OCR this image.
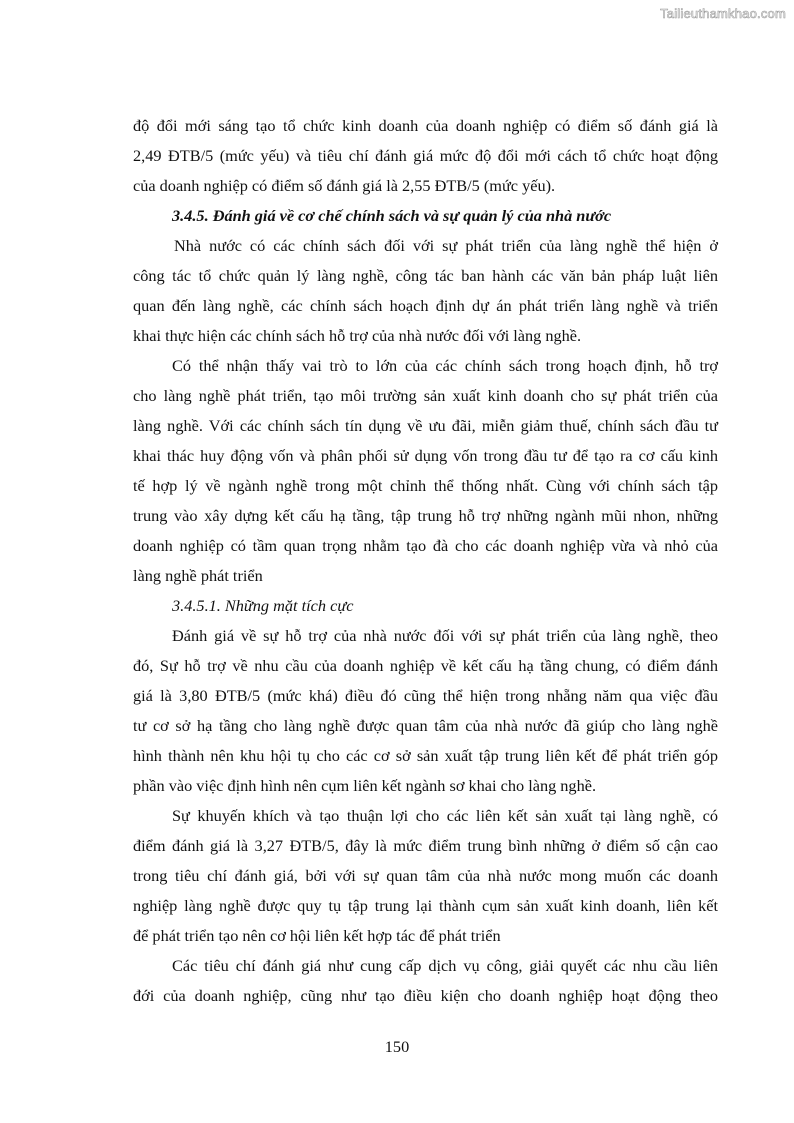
Tailieuthamkhao.com
độ đổi mới sáng tạo tổ chức kinh doanh của doanh nghiệp có điểm số đánh giá là
2,49 ĐTB/5 (mức yếu) và tiêu chí đánh giá mức độ đổi mới cách tổ chức hoạt động
của doanh nghiệp có điểm số đánh giá là 2,55 ĐTB/5 (mức yếu).
3.4.5. Đánh giá về cơ chế chính sách và sự quản lý của nhà nước
Nhà nước có các chính sách đối với sự phát triển của làng nghề thể hiện ở
công tác tổ chức quản lý làng nghề, công tác ban hành các văn bản pháp luật liên
quan đến làng nghề, các chính sách hoạch định dự án phát triển làng nghề và triển
khai thực hiện các chính sách hỗ trợ của nhà nước đối với làng nghề.
Có thể nhận thấy vai trò to lớn của các chính sách trong hoạch định, hỗ trợ
cho làng nghề phát triển, tạo môi trường sản xuất kinh doanh cho sự phát triển của
làng nghề. Với các chính sách tín dụng về ưu đãi, miễn giảm thuế, chính sách đầu tư
khai thác huy động vốn và phân phối sử dụng vốn trong đầu tư để tạo ra cơ cấu kinh
tế hợp lý về ngành nghề trong một chỉnh thể thống nhất. Cùng với chính sách tập
trung vào xây dựng kết cấu hạ tầng, tập trung hỗ trợ những ngành mũi nhon, những
doanh nghiệp có tầm quan trọng nhằm tạo đà cho các doanh nghiệp vừa và nhỏ của
làng nghề phát triển
3.4.5.1. Những mặt tích cực
Đánh giá về sự hỗ trợ của nhà nước đối với sự phát triển của làng nghề, theo
đó, Sự hỗ trợ về nhu cầu của doanh nghiệp về kết cấu hạ tầng chung, có điểm đánh
giá là 3,80 ĐTB/5 (mức khá) điều đó cũng thể hiện trong nhẵng năm qua việc đầu
tư cơ sở hạ tầng cho làng nghề được quan tâm của nhà nước đã giúp cho làng nghề
hình thành nên khu hội tụ cho các cơ sở sản xuất tập trung liên kết để phát triển góp
phần vào việc định hình nên cụm liên kết ngành sơ khai cho làng nghề.
Sự khuyến khích và tạo thuận lợi cho các liên kết sản xuất tại làng nghề, có
điểm đánh giá là 3,27 ĐTB/5, đây là mức điểm trung bình những ở điểm số cận cao
trong tiêu chí đánh giá, bởi với sự quan tâm của nhà nước mong muốn các doanh
nghiệp làng nghề được quy tụ tập trung lại thành cụm sản xuất kinh doanh, liên kết
để phát triển tạo nên cơ hội liên kết hợp tác để phát triển
Các tiêu chí đánh giá như cung cấp dịch vụ công, giải quyết các nhu cầu liên
đới của doanh nghiệp, cũng như tạo điều kiện cho doanh nghiệp hoạt động theo
150
